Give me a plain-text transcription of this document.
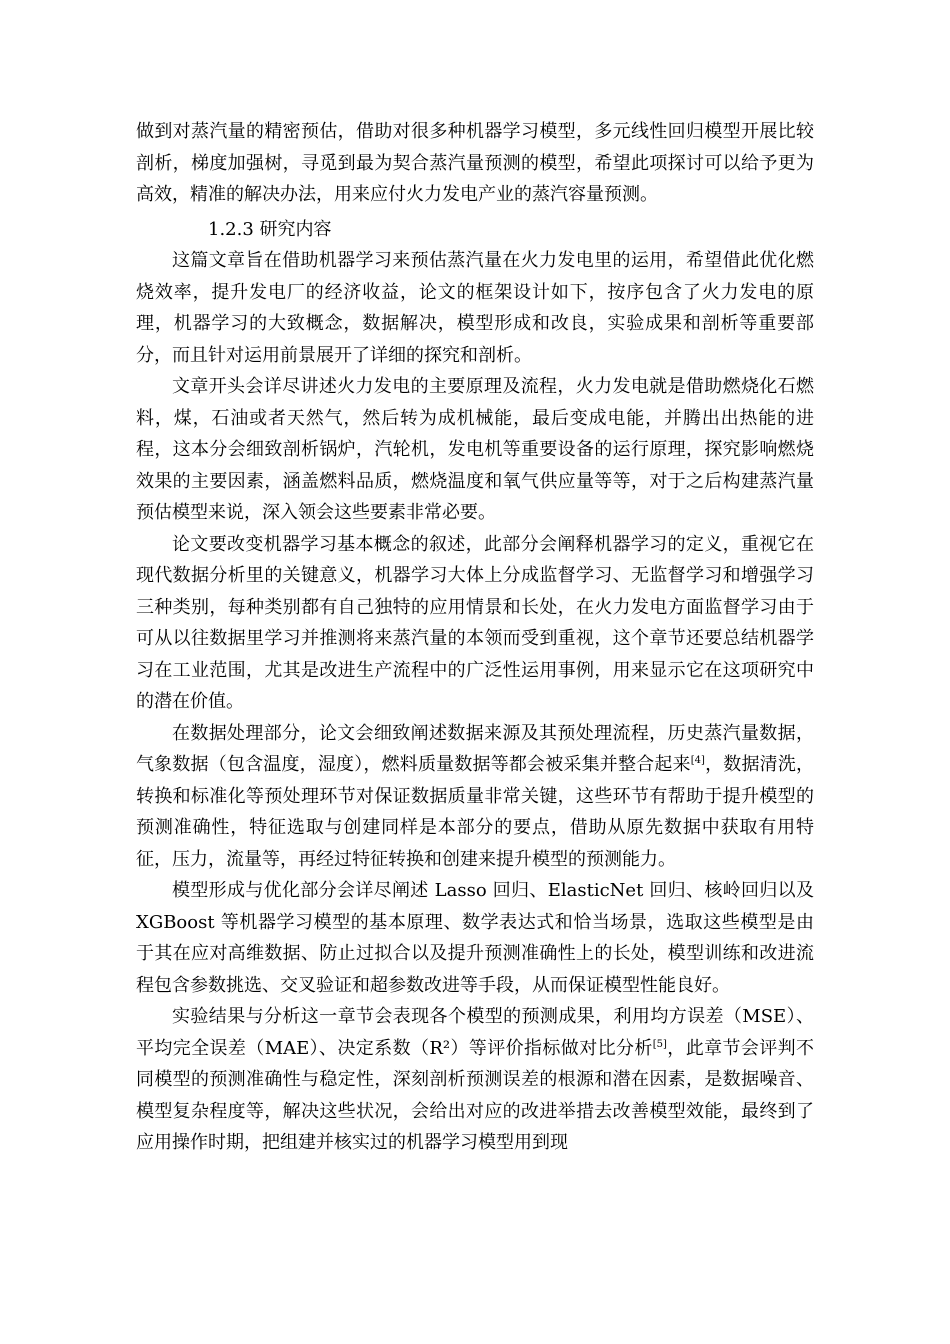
做到对蒸汽量的精密预估，借助对很多种机器学习模型，多元线性回归模型开展比较剖析，梯度加强树，寻觅到最为契合蒸汽量预测的模型，希望此项探讨可以给予更为高效，精准的解决办法，用来应付火力发电产业的蒸汽容量预测。

1.2.3 研究内容

这篇文章旨在借助机器学习来预估蒸汽量在火力发电里的运用，希望借此优化燃烧效率，提升发电厂的经济收益，论文的框架设计如下，按序包含了火力发电的原理，机器学习的大致概念，数据解决，模型形成和改良，实验成果和剖析等重要部分，而且针对运用前景展开了详细的探究和剖析。

文章开头会详尽讲述火力发电的主要原理及流程，火力发电就是借助燃烧化石燃料，煤，石油或者天然气，然后转为成机械能，最后变成电能，并腾出出热能的进程，这本分会细致剖析锅炉，汽轮机，发电机等重要设备的运行原理，探究影响燃烧效果的主要因素，涵盖燃料品质，燃烧温度和氧气供应量等等，对于之后构建蒸汽量预估模型来说，深入领会这些要素非常必要。

论文要改变机器学习基本概念的叙述，此部分会阐释机器学习的定义，重视它在现代数据分析里的关键意义，机器学习大体上分成监督学习、无监督学习和增强学习三种类别，每种类别都有自己独特的应用情景和长处，在火力发电方面监督学习由于可从以往数据里学习并推测将来蒸汽量的本领而受到重视，这个章节还要总结机器学习在工业范围，尤其是改进生产流程中的广泛性运用事例，用来显示它在这项研究中的潜在价值。

在数据处理部分，论文会细致阐述数据来源及其预处理流程，历史蒸汽量数据，气象数据（包含温度，湿度），燃料质量数据等都会被采集并整合起来[4]，数据清洗，转换和标准化等预处理环节对保证数据质量非常关键，这些环节有帮助于提升模型的预测准确性，特征选取与创建同样是本部分的要点，借助从原先数据中获取有用特征，压力，流量等，再经过特征转换和创建来提升模型的预测能力。

模型形成与优化部分会详尽阐述 Lasso 回归、ElasticNet 回归、核岭回归以及 XGBoost 等机器学习模型的基本原理、数学表达式和恰当场景，选取这些模型是由于其在应对高维数据、防止过拟合以及提升预测准确性上的长处，模型训练和改进流程包含参数挑选、交叉验证和超参数改进等手段，从而保证模型性能良好。

实验结果与分析这一章节会表现各个模型的预测成果，利用均方误差（MSE）、平均完全误差（MAE）、决定系数（R²）等评价指标做对比分析[5]，此章节会评判不同模型的预测准确性与稳定性，深刻剖析预测误差的根源和潜在因素，是数据噪音、模型复杂程度等，解决这些状况，会给出对应的改进举措去改善模型效能，最终到了应用操作时期，把组建并核实过的机器学习模型用到现
